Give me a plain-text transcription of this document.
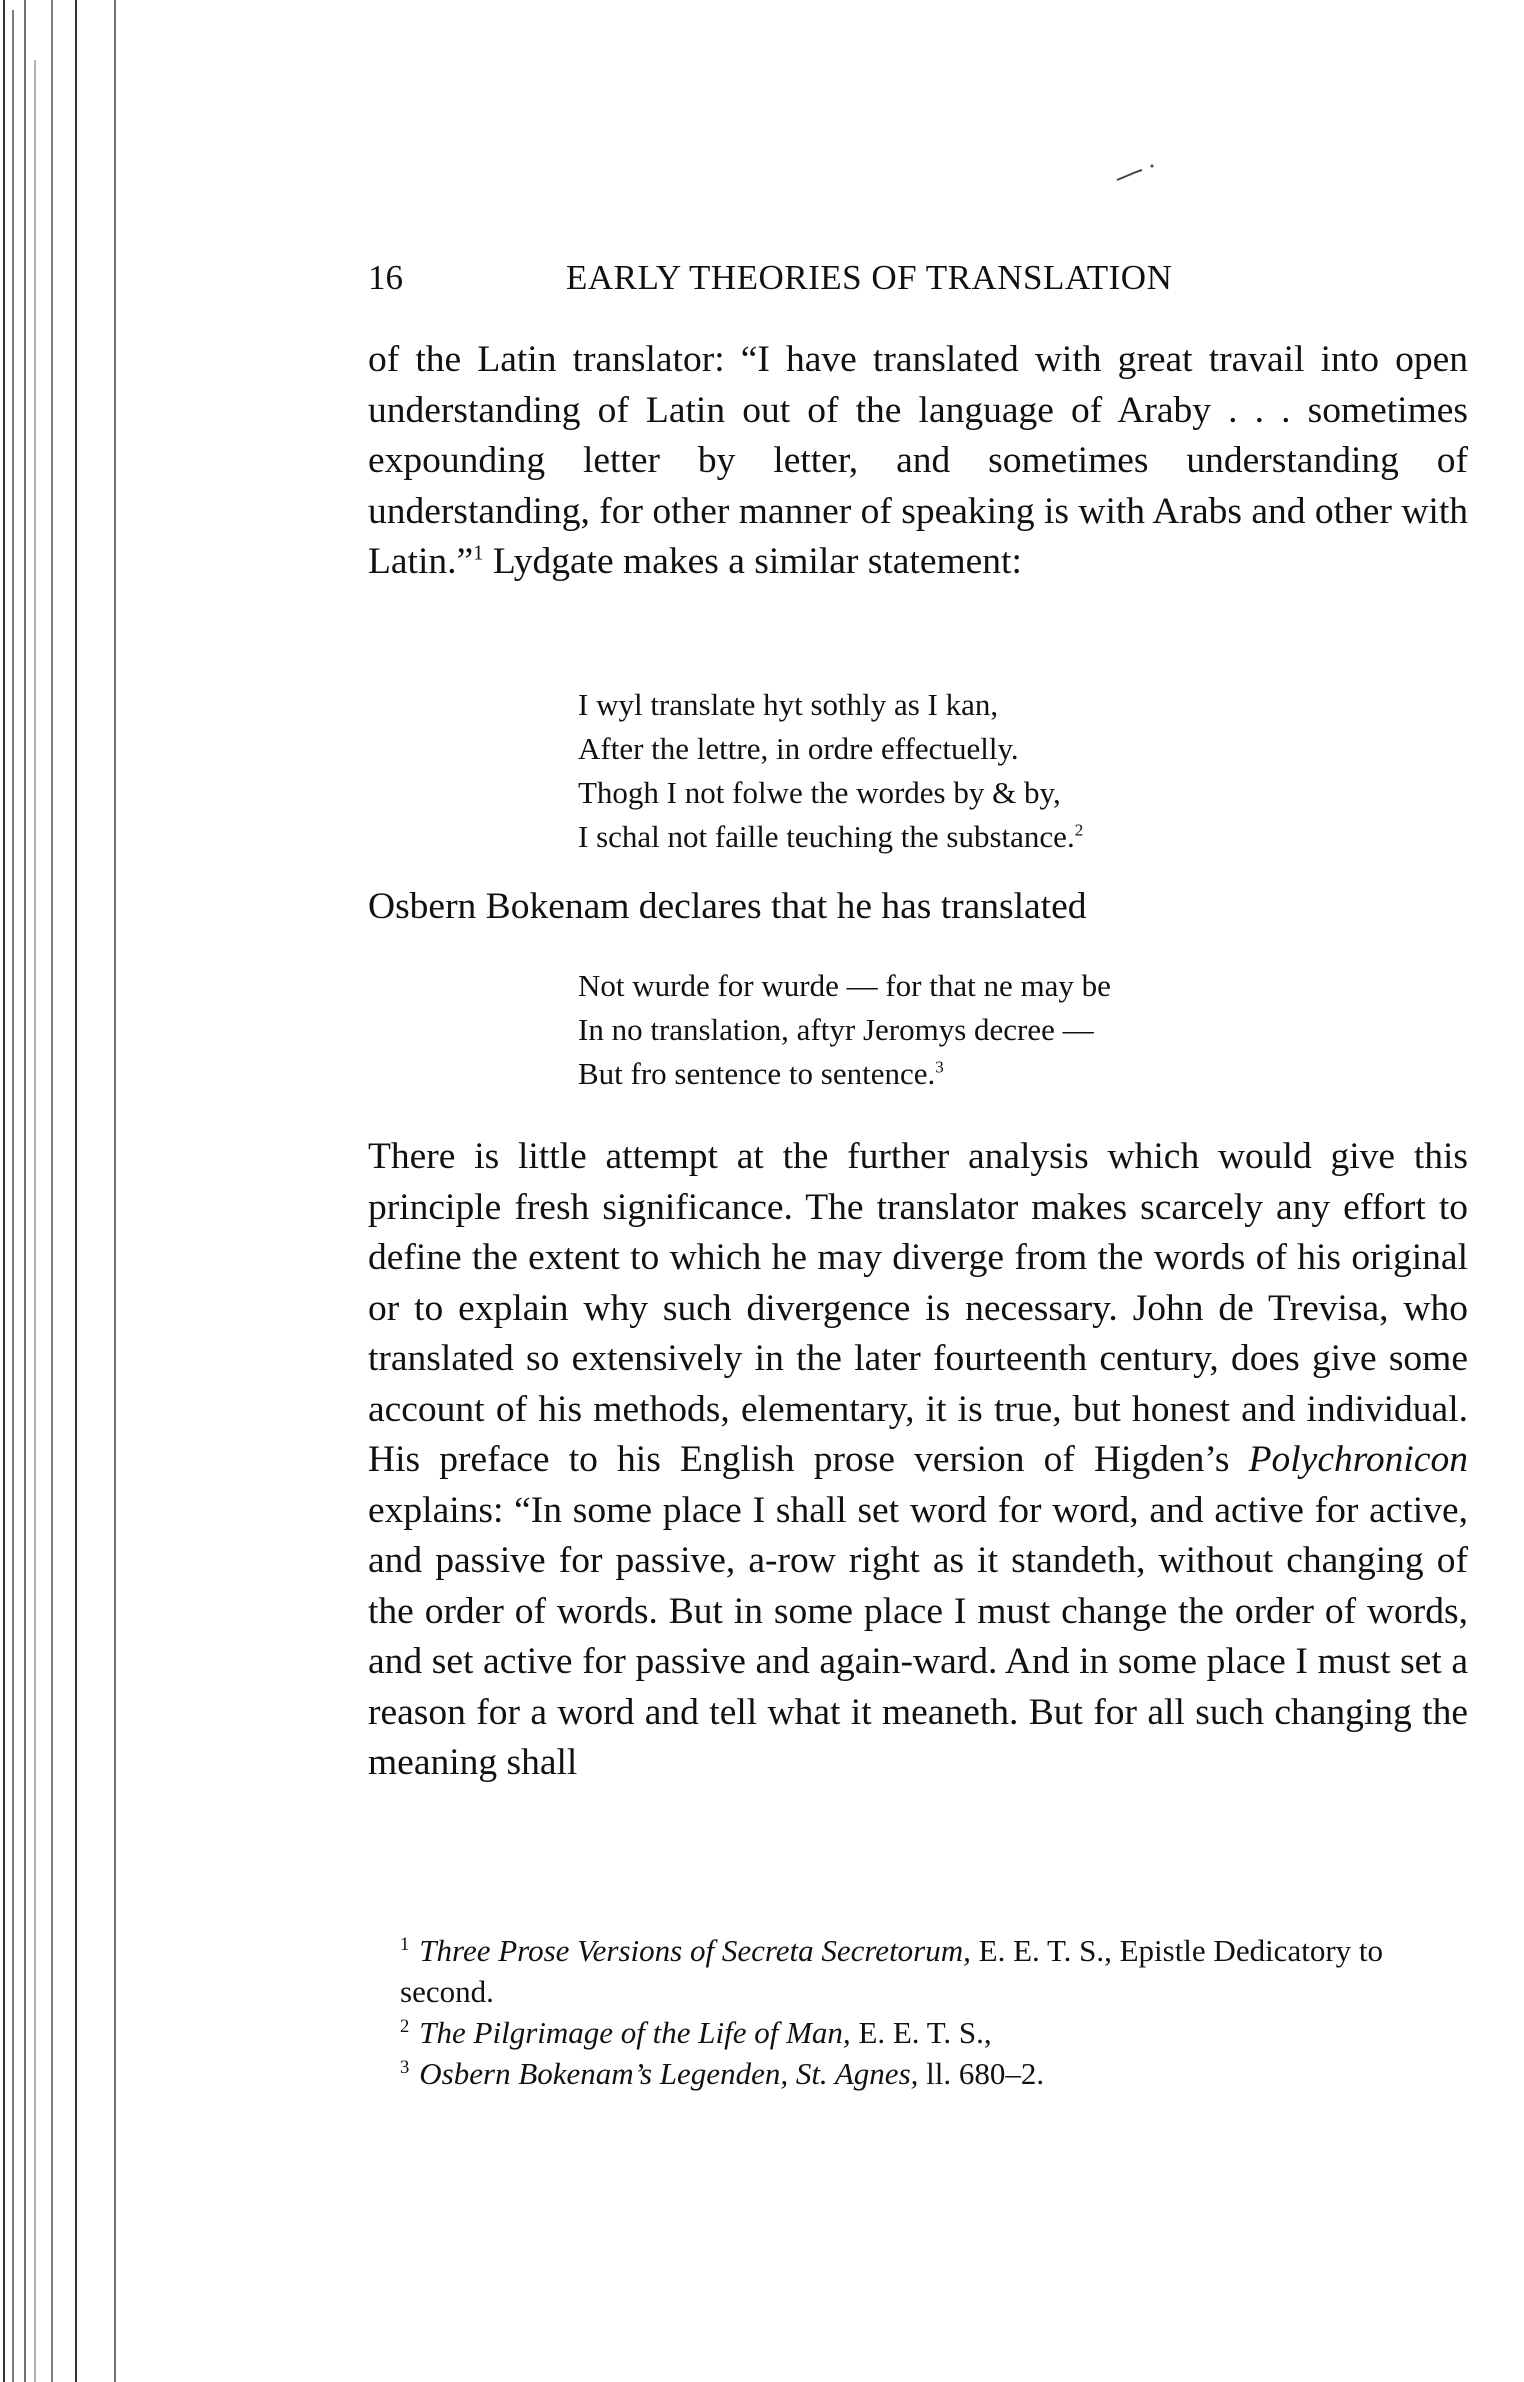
16	EARLY THEORIES OF TRANSLATION

of the Latin translator: “I have translated with great travail into open understanding of Latin out of the language of Araby . . . sometimes expounding letter by letter, and sometimes understanding of understanding, for other manner of speaking is with Arabs and other with Latin.”$^1$ Lydgate makes a similar statement:

I wyl translate hyt sothly as I kan,
After the lettre, in ordre effectuelly.
Thogh I not folwe the wordes by & by,
I schal not faille teuching the substance.$^2$

Osbern Bokenam declares that he has translated

Not wurde for wurde — for that ne may be
In no translation, aftyr Jeromys decree —
But fro sentence to sentence.$^3$

There is little attempt at the further analysis which would give this principle fresh significance. The translator makes scarcely any effort to define the extent to which he may diverge from the words of his original or to explain why such divergence is necessary. John de Trevisa, who translated so extensively in the later fourteenth century, does give some account of his methods, elementary, it is true, but honest and individual. His preface to his English prose version of Higden’s Polychronicon explains: “In some place I shall set word for word, and active for active, and passive for passive, a-row right as it standeth, without changing of the order of words. But in some place I must change the order of words, and set active for passive and again-ward. And in some place I must set a reason for a word and tell what it meaneth. But for all such changing the meaning shall

$^1$ Three Prose Versions of Secreta Secretorum, E. E. T. S., Epistle Dedicatory to second.
$^2$ The Pilgrimage of the Life of Man, E. E. T. S.,
$^3$ Osbern Bokenam’s Legenden, St. Agnes, ll. 680–2.
